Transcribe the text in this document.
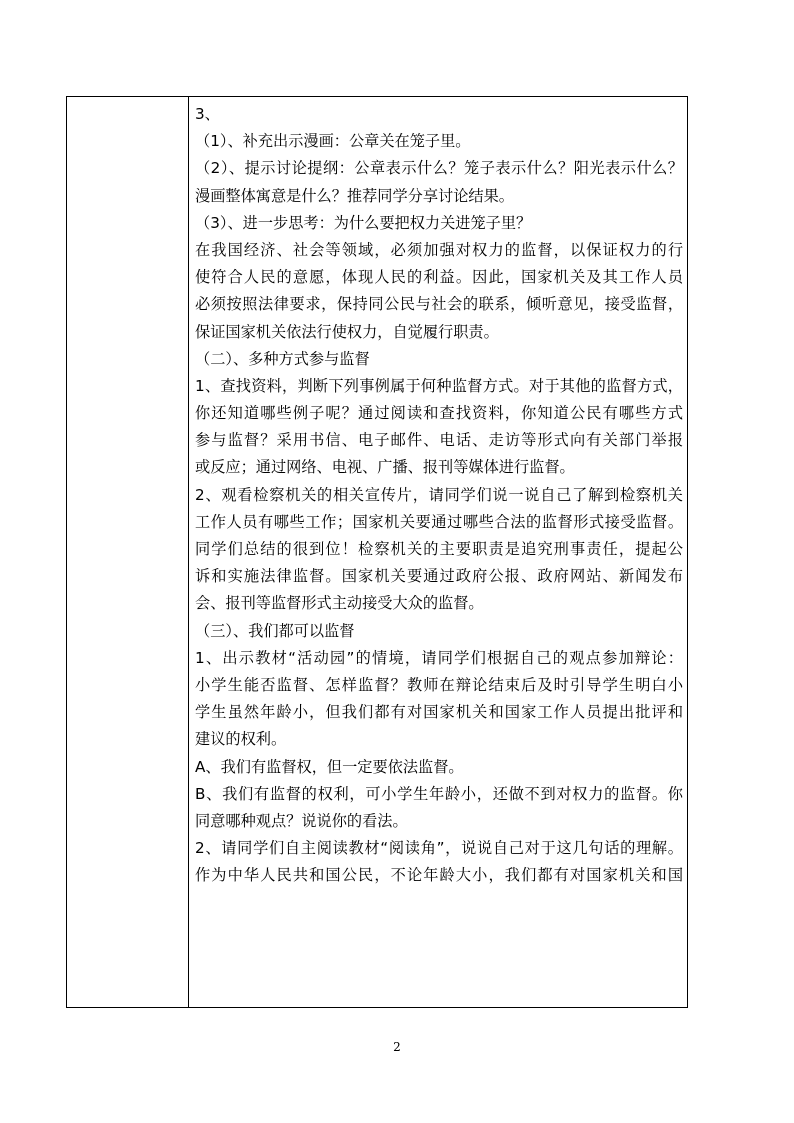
3、
（1）、补充出示漫画：公章关在笼子里。
（2）、提示讨论提纲：公章表示什么？笼子表示什么？阳光表示什么？
漫画整体寓意是什么？推荐同学分享讨论结果。
（3）、进一步思考：为什么要把权力关进笼子里？
在我国经济、社会等领域，必须加强对权力的监督，以保证权力的行
使符合人民的意愿，体现人民的利益。因此，国家机关及其工作人员
必须按照法律要求，保持同公民与社会的联系，倾听意见，接受监督，
保证国家机关依法行使权力，自觉履行职责。
（二）、多种方式参与监督
1、查找资料，判断下列事例属于何种监督方式。对于其他的监督方式，
你还知道哪些例子呢？通过阅读和查找资料，你知道公民有哪些方式
参与监督？采用书信、电子邮件、电话、走访等形式向有关部门举报
或反应；通过网络、电视、广播、报刊等媒体进行监督。
2、观看检察机关的相关宣传片，请同学们说一说自己了解到检察机关
工作人员有哪些工作；国家机关要通过哪些合法的监督形式接受监督。
同学们总结的很到位！检察机关的主要职责是追究刑事责任，提起公
诉和实施法律监督。国家机关要通过政府公报、政府网站、新闻发布
会、报刊等监督形式主动接受大众的监督。
（三）、我们都可以监督
1、出示教材“活动园”的情境，请同学们根据自己的观点参加辩论：
小学生能否监督、怎样监督？教师在辩论结束后及时引导学生明白小
学生虽然年龄小，但我们都有对国家机关和国家工作人员提出批评和
建议的权利。
A、我们有监督权，但一定要依法监督。
B、我们有监督的权利，可小学生年龄小，还做不到对权力的监督。你
同意哪种观点？说说你的看法。
2、请同学们自主阅读教材“阅读角”，说说自己对于这几句话的理解。
作为中华人民共和国公民，不论年龄大小，我们都有对国家机关和国
2
